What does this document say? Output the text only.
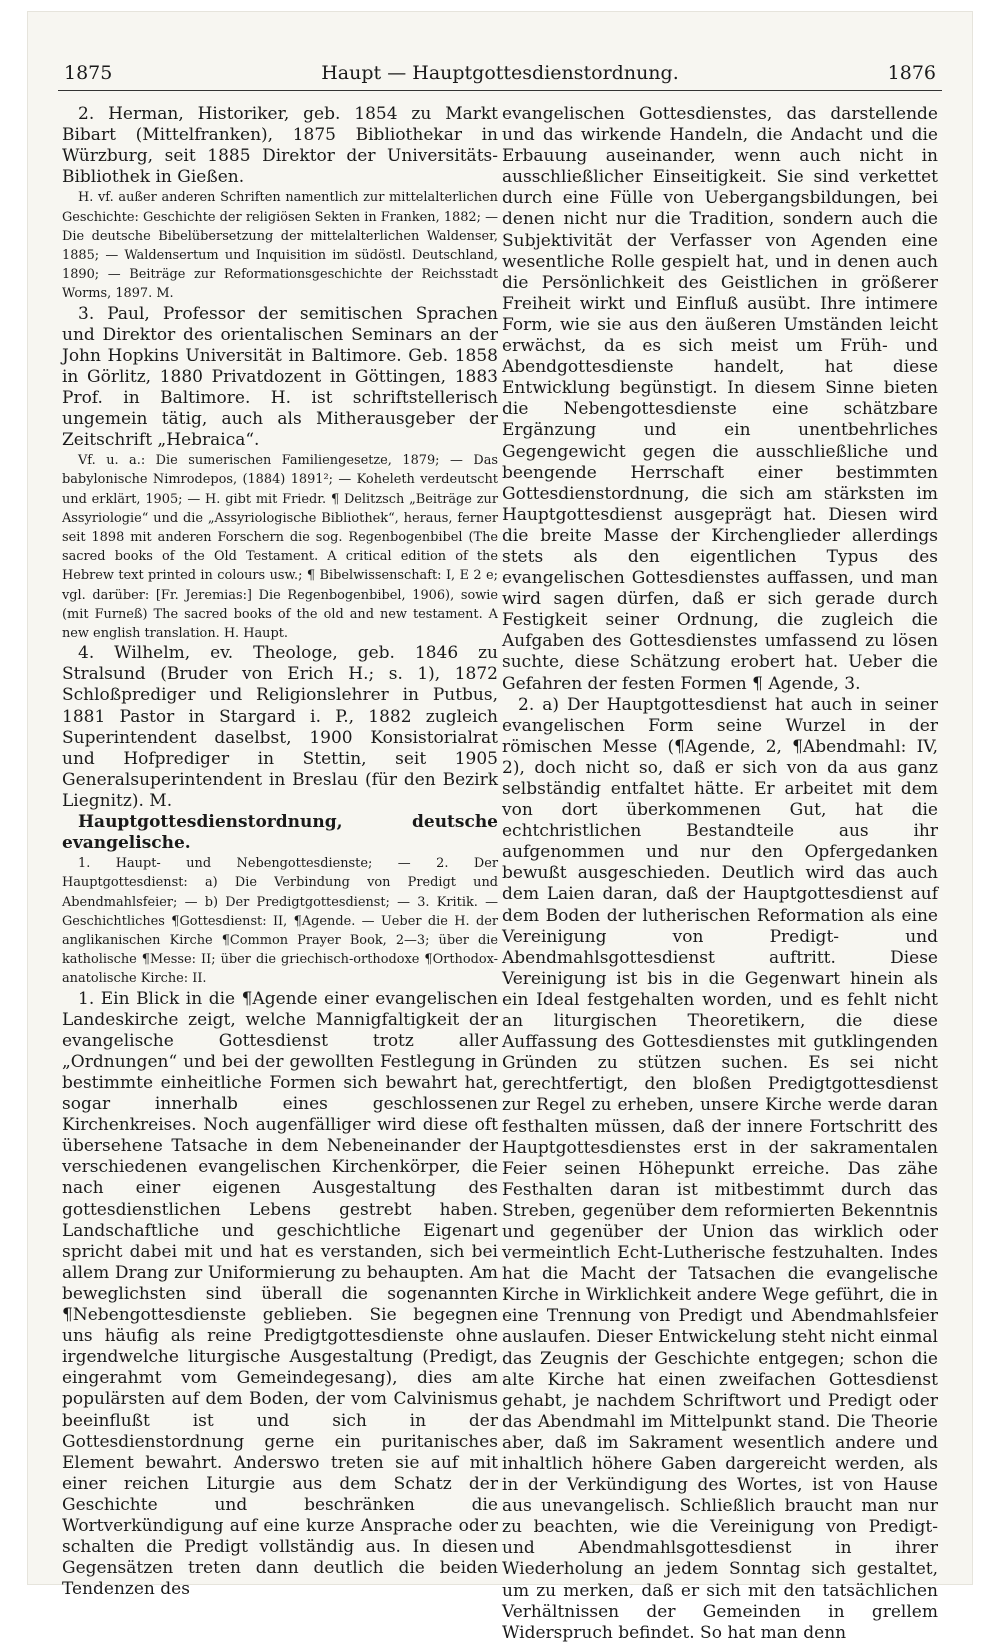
1875	Haupt — Hauptgottesdienstordnung.	1876

2. Herman, Historiker, geb. 1854 zu Markt Bibart (Mittelfranken), 1875 Bibliothekar in Würzburg, seit 1885 Direktor der Universitäts-Bibliothek in Gießen.

H. vf. außer anderen Schriften namentlich zur mittelalterlichen Geschichte: Geschichte der religiösen Sekten in Franken, 1882; — Die deutsche Bibelübersetzung der mittelalterlichen Waldenser, 1885; — Waldensertum und Inquisition im südöstl. Deutschland, 1890; — Beiträge zur Reformationsgeschichte der Reichsstadt Worms, 1897. M.

3. Paul, Professor der semitischen Sprachen und Direktor des orientalischen Seminars an der John Hopkins Universität in Baltimore. Geb. 1858 in Görlitz, 1880 Privatdozent in Göttingen, 1883 Prof. in Baltimore. H. ist schriftstellerisch ungemein tätig, auch als Mitherausgeber der Zeitschrift „Hebraica“.

Vf. u. a.: Die sumerischen Familiengesetze, 1879; — Das babylonische Nimrodepos, (1884) 1891²; — Koheleth verdeutscht und erklärt, 1905; — H. gibt mit Friedr. ¶ Delitzsch „Beiträge zur Assyriologie“ und die „Assyriologische Bibliothek“, heraus, ferner seit 1898 mit anderen Forschern die sog. Regenbogenbibel (The sacred books of the Old Testament. A critical edition of the Hebrew text printed in colours usw.; ¶ Bibelwissenschaft: I, E 2 e; vgl. darüber: [Fr. Jeremias:] Die Regenbogenbibel, 1906), sowie (mit Furneß) The sacred books of the old and new testament. A new english translation. H. Haupt.

4. Wilhelm, ev. Theologe, geb. 1846 zu Stralsund (Bruder von Erich H.; s. 1), 1872 Schloßprediger und Religionslehrer in Putbus, 1881 Pastor in Stargard i. P., 1882 zugleich Superintendent daselbst, 1900 Konsistorialrat und Hofprediger in Stettin, seit 1905 Generalsuperintendent in Breslau (für den Bezirk Liegnitz). M.

Hauptgottesdienstordnung, deutsche evangelische.

1. Haupt- und Nebengottesdienste; — 2. Der Hauptgottesdienst: a) Die Verbindung von Predigt und Abendmahlsfeier; — b) Der Predigtgottesdienst; — 3. Kritik. — Geschichtliches ¶Gottesdienst: II, ¶Agende. — Ueber die H. der anglikanischen Kirche ¶Common Prayer Book, 2—3; über die katholische ¶Messe: II; über die griechisch-orthodoxe ¶Orthodox-anatolische Kirche: II.

1. Ein Blick in die ¶Agende einer evangelischen Landeskirche zeigt, welche Mannigfaltigkeit der evangelische Gottesdienst trotz aller „Ordnungen“ und bei der gewollten Festlegung in bestimmte einheitliche Formen sich bewahrt hat, sogar innerhalb eines geschlossenen Kirchenkreises. Noch augenfälliger wird diese oft übersehene Tatsache in dem Nebeneinander der verschiedenen evangelischen Kirchenkörper, die nach einer eigenen Ausgestaltung des gottesdienstlichen Lebens gestrebt haben. Landschaftliche und geschichtliche Eigenart spricht dabei mit und hat es verstanden, sich bei allem Drang zur Uniformierung zu behaupten. Am beweglichsten sind überall die sogenannten ¶Nebengottesdienste geblieben. Sie begegnen uns häufig als reine Predigtgottesdienste ohne irgendwelche liturgische Ausgestaltung (Predigt, eingerahmt vom Gemeindegesang), dies am populärsten auf dem Boden, der vom Calvinismus beeinflußt ist und sich in der Gottesdienstordnung gerne ein puritanisches Element bewahrt. Anderswo treten sie auf mit einer reichen Liturgie aus dem Schatz der Geschichte und beschränken die Wortverkündigung auf eine kurze Ansprache oder schalten die Predigt vollständig aus. In diesen Gegensätzen treten dann deutlich die beiden Tendenzen des

evangelischen Gottesdienstes, das darstellende und das wirkende Handeln, die Andacht und die Erbauung auseinander, wenn auch nicht in ausschließlicher Einseitigkeit. Sie sind verkettet durch eine Fülle von Uebergangsbildungen, bei denen nicht nur die Tradition, sondern auch die Subjektivität der Verfasser von Agenden eine wesentliche Rolle gespielt hat, und in denen auch die Persönlichkeit des Geistlichen in größerer Freiheit wirkt und Einfluß ausübt. Ihre intimere Form, wie sie aus den äußeren Umständen leicht erwächst, da es sich meist um Früh- und Abendgottesdienste handelt, hat diese Entwicklung begünstigt. In diesem Sinne bieten die Nebengottesdienste eine schätzbare Ergänzung und ein unentbehrliches Gegengewicht gegen die ausschließliche und beengende Herrschaft einer bestimmten Gottesdienstordnung, die sich am stärksten im Hauptgottesdienst ausgeprägt hat. Diesen wird die breite Masse der Kirchenglieder allerdings stets als den eigentlichen Typus des evangelischen Gottesdienstes auffassen, und man wird sagen dürfen, daß er sich gerade durch Festigkeit seiner Ordnung, die zugleich die Aufgaben des Gottesdienstes umfassend zu lösen suchte, diese Schätzung erobert hat. Ueber die Gefahren der festen Formen ¶ Agende, 3.

2. a) Der Hauptgottesdienst hat auch in seiner evangelischen Form seine Wurzel in der römischen Messe (¶Agende, 2, ¶Abendmahl: IV, 2), doch nicht so, daß er sich von da aus ganz selbständig entfaltet hätte. Er arbeitet mit dem von dort überkommenen Gut, hat die echtchristlichen Bestandteile aus ihr aufgenommen und nur den Opfergedanken bewußt ausgeschieden. Deutlich wird das auch dem Laien daran, daß der Hauptgottesdienst auf dem Boden der lutherischen Reformation als eine Vereinigung von Predigt- und Abendmahlsgottesdienst auftritt. Diese Vereinigung ist bis in die Gegenwart hinein als ein Ideal festgehalten worden, und es fehlt nicht an liturgischen Theoretikern, die diese Auffassung des Gottesdienstes mit gutklingenden Gründen zu stützen suchen. Es sei nicht gerechtfertigt, den bloßen Predigtgottesdienst zur Regel zu erheben, unsere Kirche werde daran festhalten müssen, daß der innere Fortschritt des Hauptgottesdienstes erst in der sakramentalen Feier seinen Höhepunkt erreiche. Das zähe Festhalten daran ist mitbestimmt durch das Streben, gegenüber dem reformierten Bekenntnis und gegenüber der Union das wirklich oder vermeintlich Echt-Lutherische festzuhalten. Indes hat die Macht der Tatsachen die evangelische Kirche in Wirklichkeit andere Wege geführt, die in eine Trennung von Predigt und Abendmahlsfeier auslaufen. Dieser Entwickelung steht nicht einmal das Zeugnis der Geschichte entgegen; schon die alte Kirche hat einen zweifachen Gottesdienst gehabt, je nachdem Schriftwort und Predigt oder das Abendmahl im Mittelpunkt stand. Die Theorie aber, daß im Sakrament wesentlich andere und inhaltlich höhere Gaben dargereicht werden, als in der Verkündigung des Wortes, ist von Hause aus unevangelisch. Schließlich braucht man nur zu beachten, wie die Vereinigung von Predigt- und Abendmahlsgottesdienst in ihrer Wiederholung an jedem Sonntag sich gestaltet, um zu merken, daß er sich mit den tatsächlichen Verhältnissen der Gemeinden in grellem Widerspruch befindet. So hat man denn
